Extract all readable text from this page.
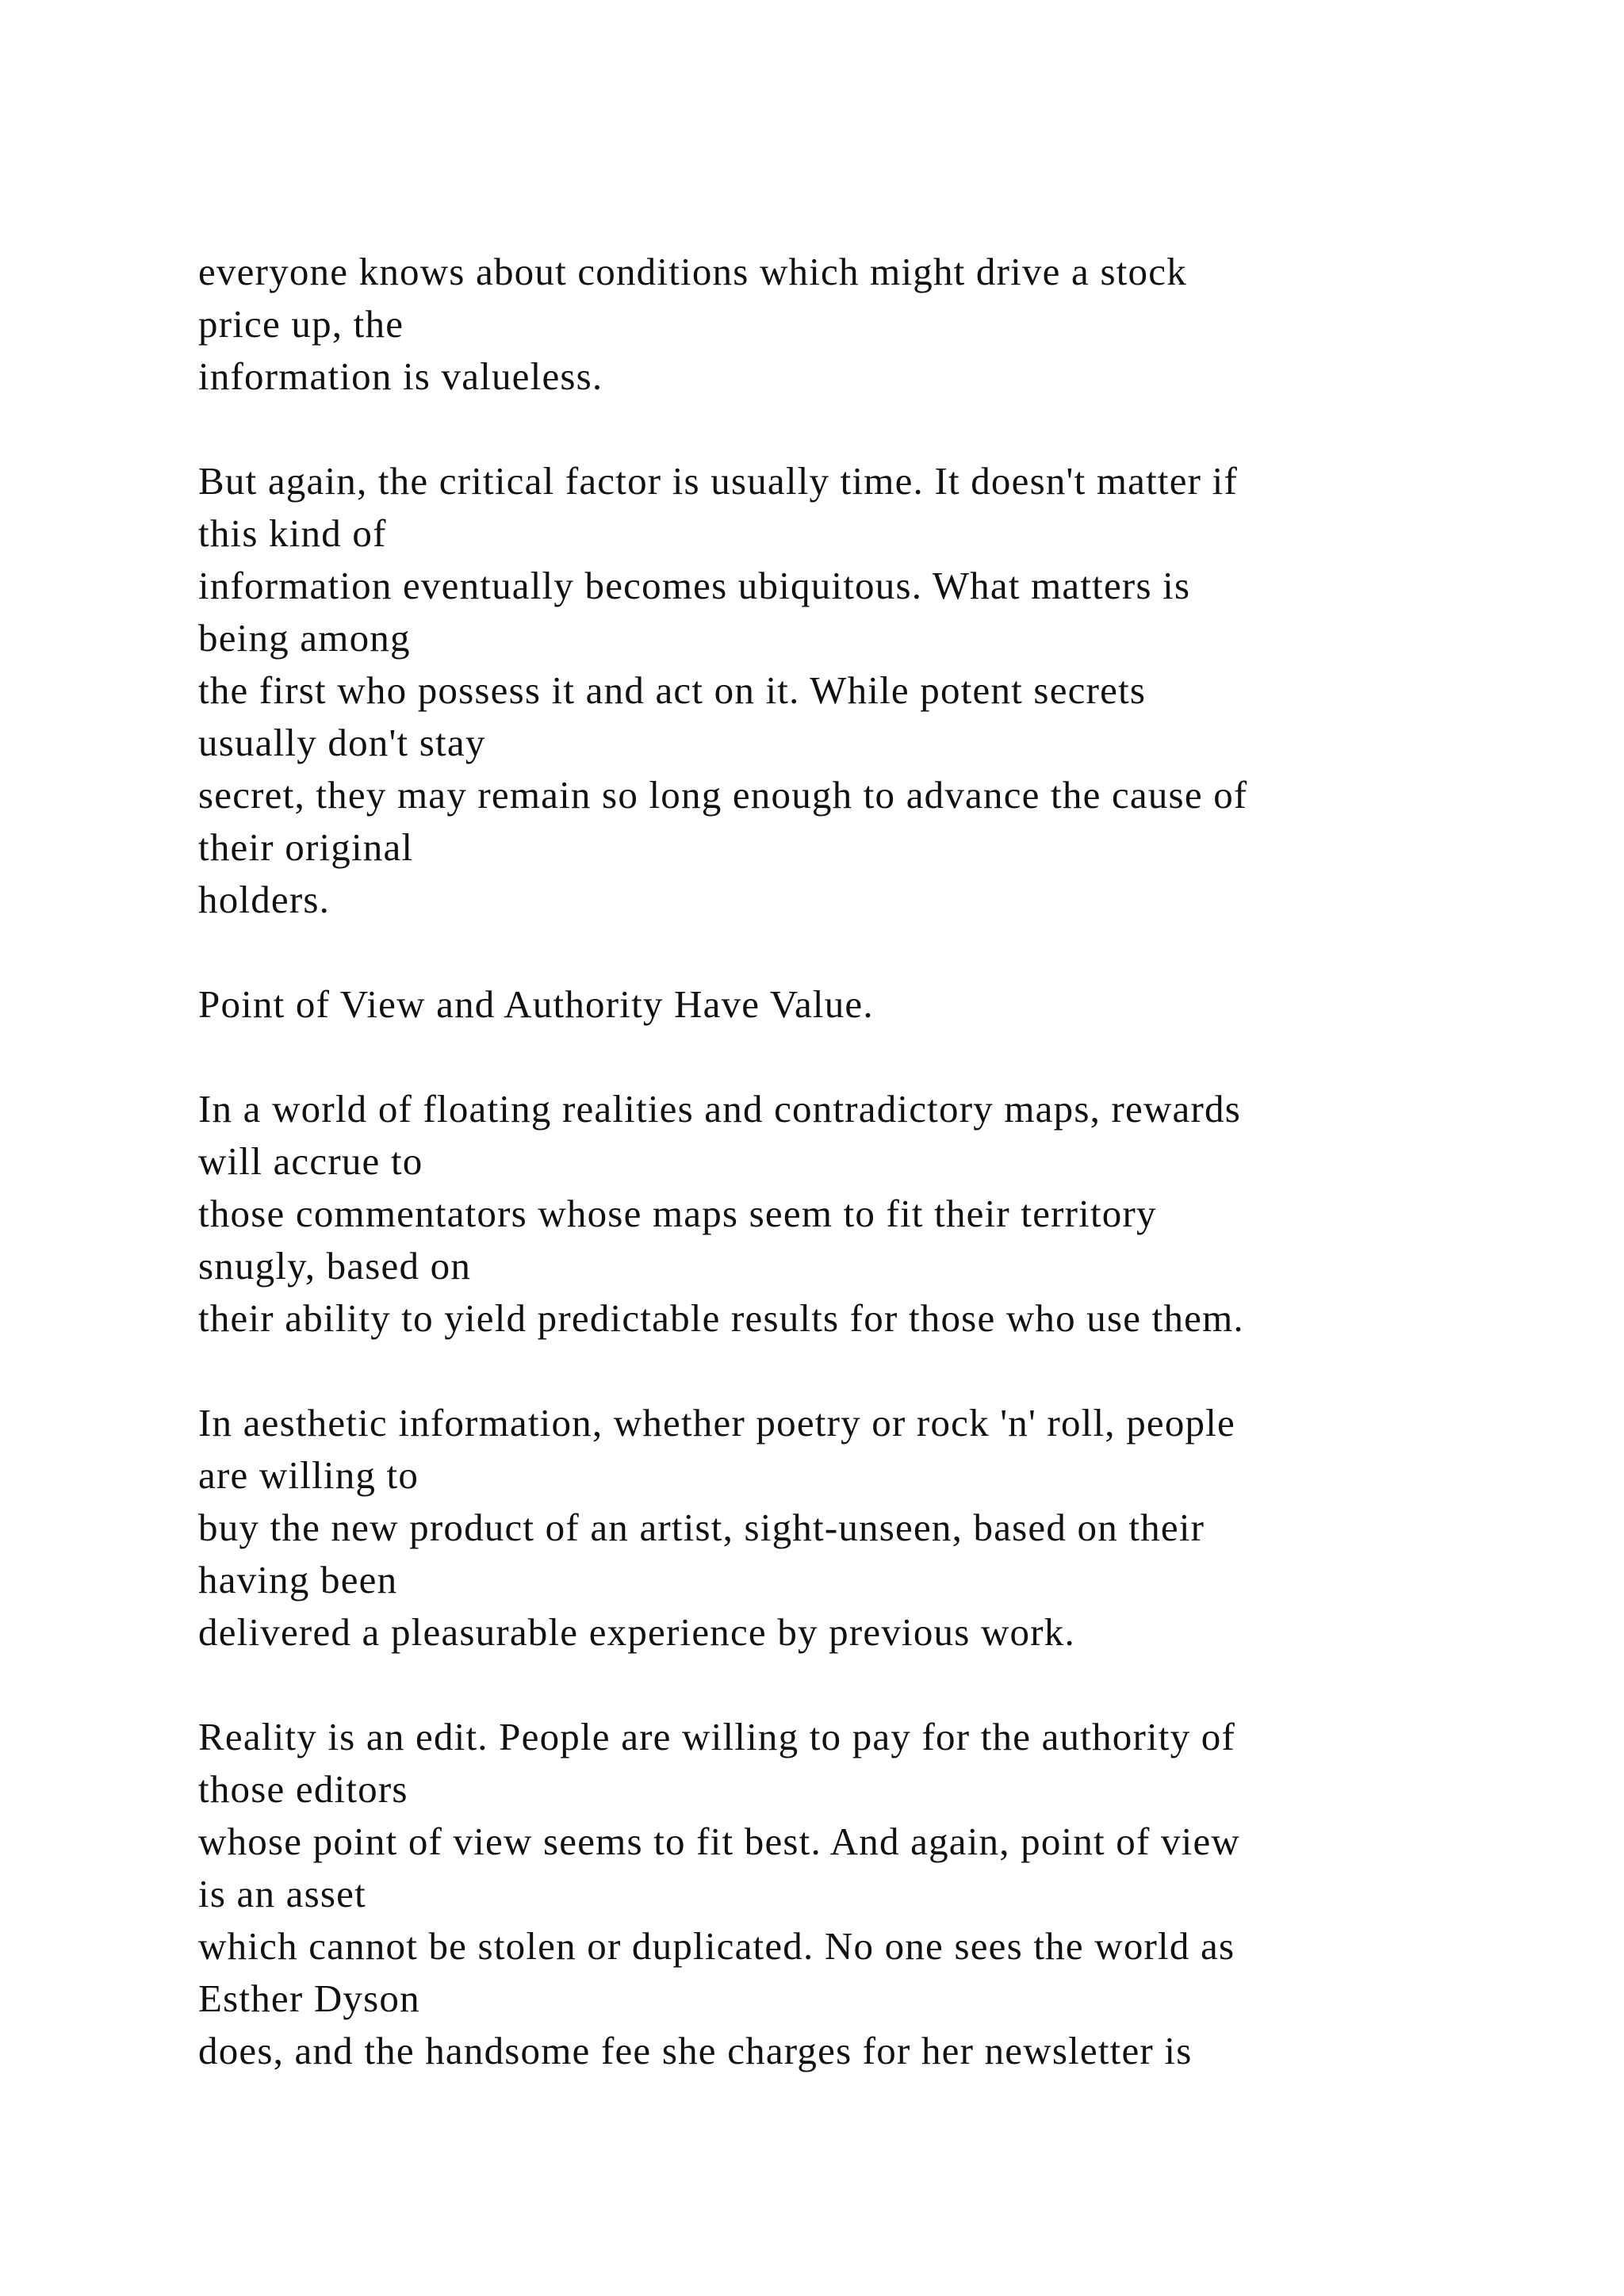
everyone knows about conditions which might drive a stock
price up, the
information is valueless.
But again, the critical factor is usually time. It doesn't matter if
this kind of
information eventually becomes ubiquitous. What matters is
being among
the first who possess it and act on it. While potent secrets
usually don't stay
secret, they may remain so long enough to advance the cause of
their original
holders.
Point of View and Authority Have Value.
In a world of floating realities and contradictory maps, rewards
will accrue to
those commentators whose maps seem to fit their territory
snugly, based on
their ability to yield predictable results for those who use them.
In aesthetic information, whether poetry or rock 'n' roll, people
are willing to
buy the new product of an artist, sight-unseen, based on their
having been
delivered a pleasurable experience by previous work.
Reality is an edit. People are willing to pay for the authority of
those editors
whose point of view seems to fit best. And again, point of view
is an asset
which cannot be stolen or duplicated. No one sees the world as
Esther Dyson
does, and the handsome fee she charges for her newsletter is
